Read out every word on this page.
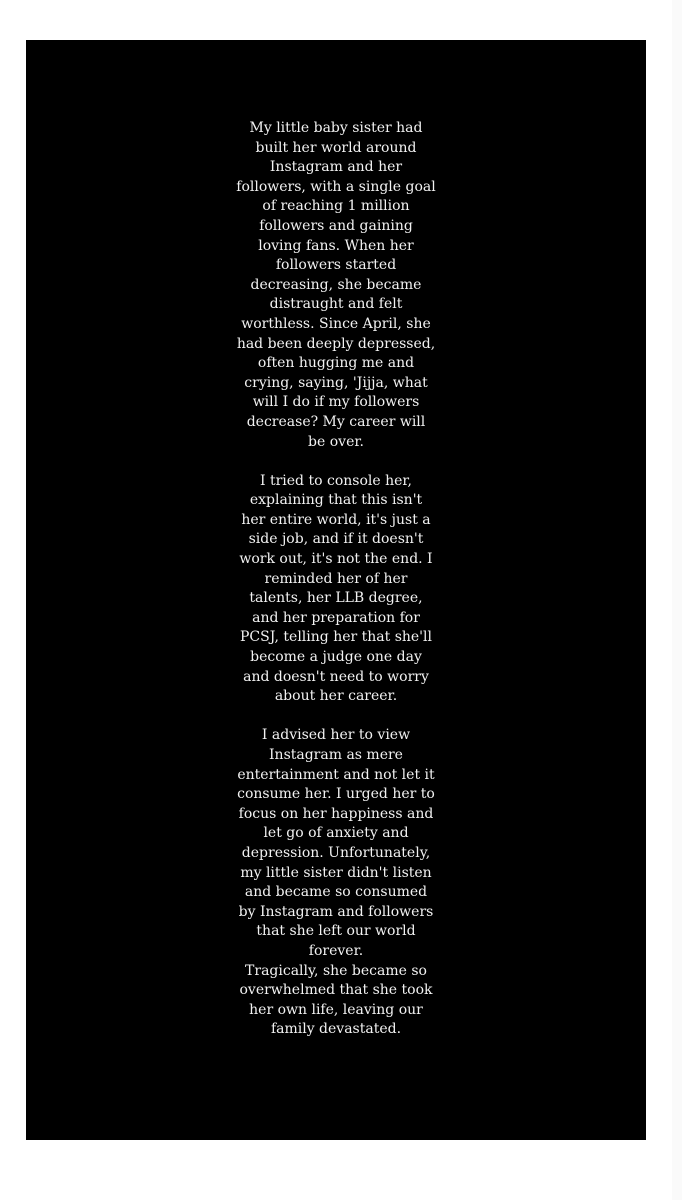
My little baby sister had built her world around Instagram and her followers, with a single goal of reaching 1 million followers and gaining loving fans. When her followers started decreasing, she became distraught and felt worthless. Since April, she had been deeply depressed, often hugging me and crying, saying, 'Jijja, what will I do if my followers decrease? My career will be over.

I tried to console her, explaining that this isn't her entire world, it's just a side job, and if it doesn't work out, it's not the end. I reminded her of her talents, her LLB degree, and her preparation for PCSJ, telling her that she'll become a judge one day and doesn't need to worry about her career.

I advised her to view Instagram as mere entertainment and not let it consume her. I urged her to focus on her happiness and let go of anxiety and depression. Unfortunately, my little sister didn't listen and became so consumed by Instagram and followers that she left our world forever.

Tragically, she became so overwhelmed that she took her own life, leaving our family devastated.
